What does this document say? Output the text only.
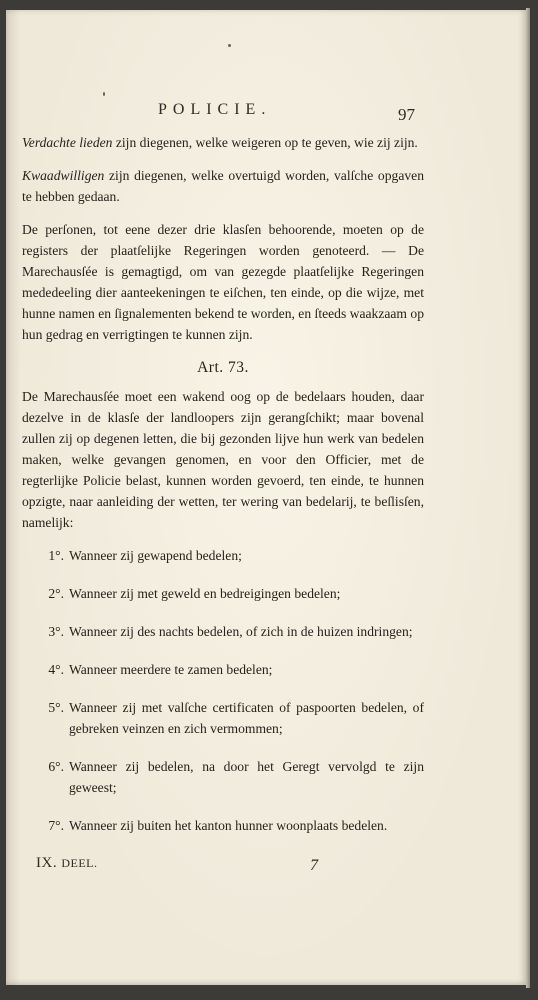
POLICIE.	97

Verdachte lieden zijn diegenen, welke weigeren op te geven, wie zij zijn.

Kwaadwilligen zijn diegenen, welke overtuigd worden, valſche opgaven te hebben gedaan.

De perſonen, tot eene dezer drie klasſen behoorende, moeten op de registers der plaatſelijke Regeringen worden genoteerd. — De Marechausſée is gemagtigd, om van gezegde plaatſelijke Regeringen mededeeling dier aanteekeningen te eiſchen, ten einde, op die wijze, met hunne namen en ſignalementen bekend te worden, en ſteeds waakzaam op hun gedrag en verrigtingen te kunnen zijn.

Art. 73.

De Marechausſée moet een wakend oog op de bedelaars houden, daar dezelve in de klasſe der landloopers zijn gerangſchikt; maar bovenal zullen zij op degenen letten, die bij gezonden lijve hun werk van bedelen maken, welke gevangen genomen, en voor den Officier, met de regterlijke Policie belast, kunnen worden gevoerd, ten einde, te hunnen opzigte, naar aanleiding der wetten, ter wering van bedelarij, te beſlisſen, namelijk:

1°. Wanneer zij gewapend bedelen;
2°. Wanneer zij met geweld en bedreigingen bedelen;
3°. Wanneer zij des nachts bedelen, of zich in de huizen indringen;
4°. Wanneer meerdere te zamen bedelen;
5°. Wanneer zij met valſche certificaten of paspoorten bedelen, of gebreken veinzen en zich vermommen;
6°. Wanneer zij bedelen, na door het Geregt vervolgd te zijn geweest;
7°. Wanneer zij buiten het kanton hunner woonplaats bedelen.
IX. DEEL.	7
